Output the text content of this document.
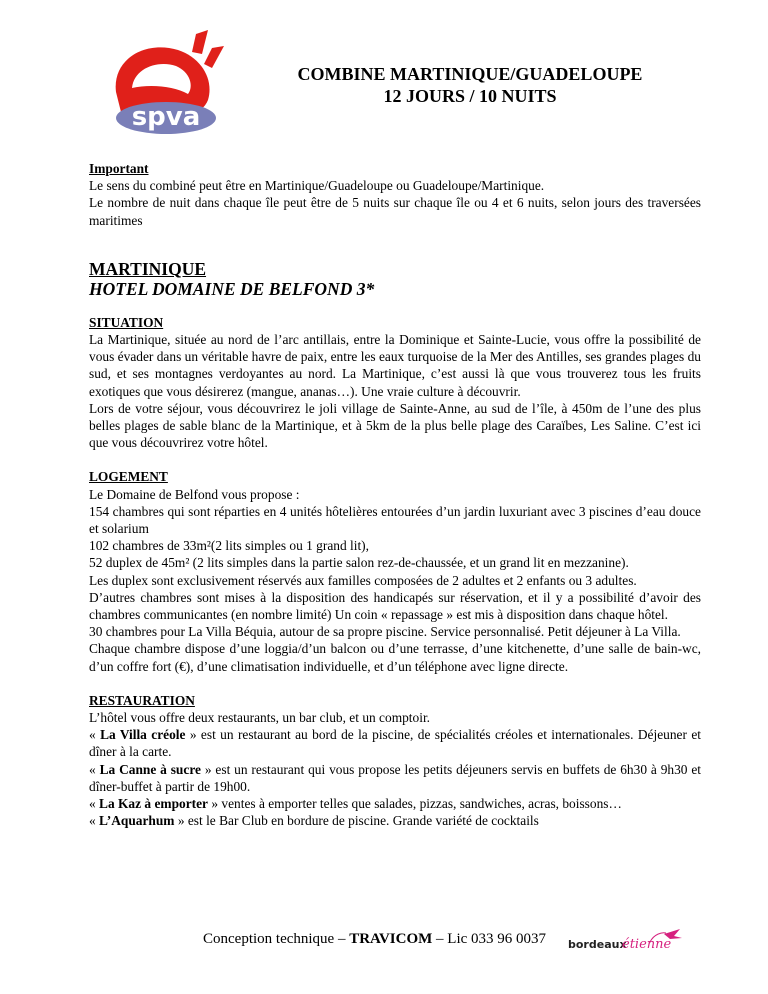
spva
COMBINE MARTINIQUE/GUADELOUPE
12 JOURS / 10 NUITS

Important

Le sens du combiné peut être en Martinique/Guadeloupe ou Guadeloupe/Martinique.

Le nombre de nuit dans chaque île peut être de 5 nuits sur chaque île ou 4 et 6 nuits, selon jours des traversées maritimes

MARTINIQUE

HOTEL DOMAINE DE BELFOND 3*

SITUATION

La Martinique, située au nord de l’arc antillais, entre la Dominique et Sainte-Lucie, vous offre la possibilité de vous évader dans un véritable havre de paix, entre les eaux turquoise de la Mer des Antilles, ses grandes plages du sud, et ses montagnes verdoyantes au nord. La Martinique, c’est aussi là que vous trouverez tous les fruits exotiques que vous désirerez (mangue, ananas…). Une vraie culture à découvrir.

Lors de votre séjour, vous découvrirez le joli village de Sainte-Anne, au sud de l’île, à 450m de l’une des plus belles plages de sable blanc de la Martinique, et à 5km de la plus belle plage des Caraïbes, Les Saline. C’est ici que vous découvrirez votre hôtel.

LOGEMENT

Le Domaine de Belfond vous propose :

154 chambres qui sont réparties en 4 unités hôtelières entourées d’un jardin luxuriant avec 3 piscines d’eau douce et solarium

102 chambres de 33m²(2 lits simples ou 1 grand lit),

52 duplex de 45m² (2 lits simples dans la partie salon rez-de-chaussée, et un grand lit en mezzanine).

Les duplex sont exclusivement réservés aux familles composées de 2 adultes et 2 enfants ou 3 adultes.

D’autres chambres sont mises à la disposition des handicapés sur réservation, et il y a possibilité d’avoir des chambres communicantes (en nombre limité) Un coin « repassage » est mis à disposition dans chaque hôtel.

30 chambres pour La Villa Béquia, autour de sa propre piscine. Service personnalisé. Petit déjeuner à La Villa.

Chaque chambre dispose d’une loggia/d’un balcon ou d’une terrasse, d’une kitchenette, d’une salle de bain-wc, d’un coffre fort (€), d’une climatisation individuelle, et d’un téléphone avec ligne directe.

RESTAURATION

L’hôtel vous offre deux restaurants, un bar club, et un comptoir.

« La Villa créole » est un restaurant au bord de la piscine, de spécialités créoles et internationales. Déjeuner et dîner à la carte.

« La Canne à sucre » est un restaurant qui vous propose les petits déjeuners servis en buffets de 6h30 à 9h30 et dîner-buffet à partir de 19h00.

« La Kaz à emporter » ventes à emporter telles que salades, pizzas, sandwiches, acras, boissons…

« L’Aquarhum » est le Bar Club en bordure de piscine. Grande variété de cocktails

Conception technique – TRAVICOM – Lic 033 96 0037 bordeaux
étienne
